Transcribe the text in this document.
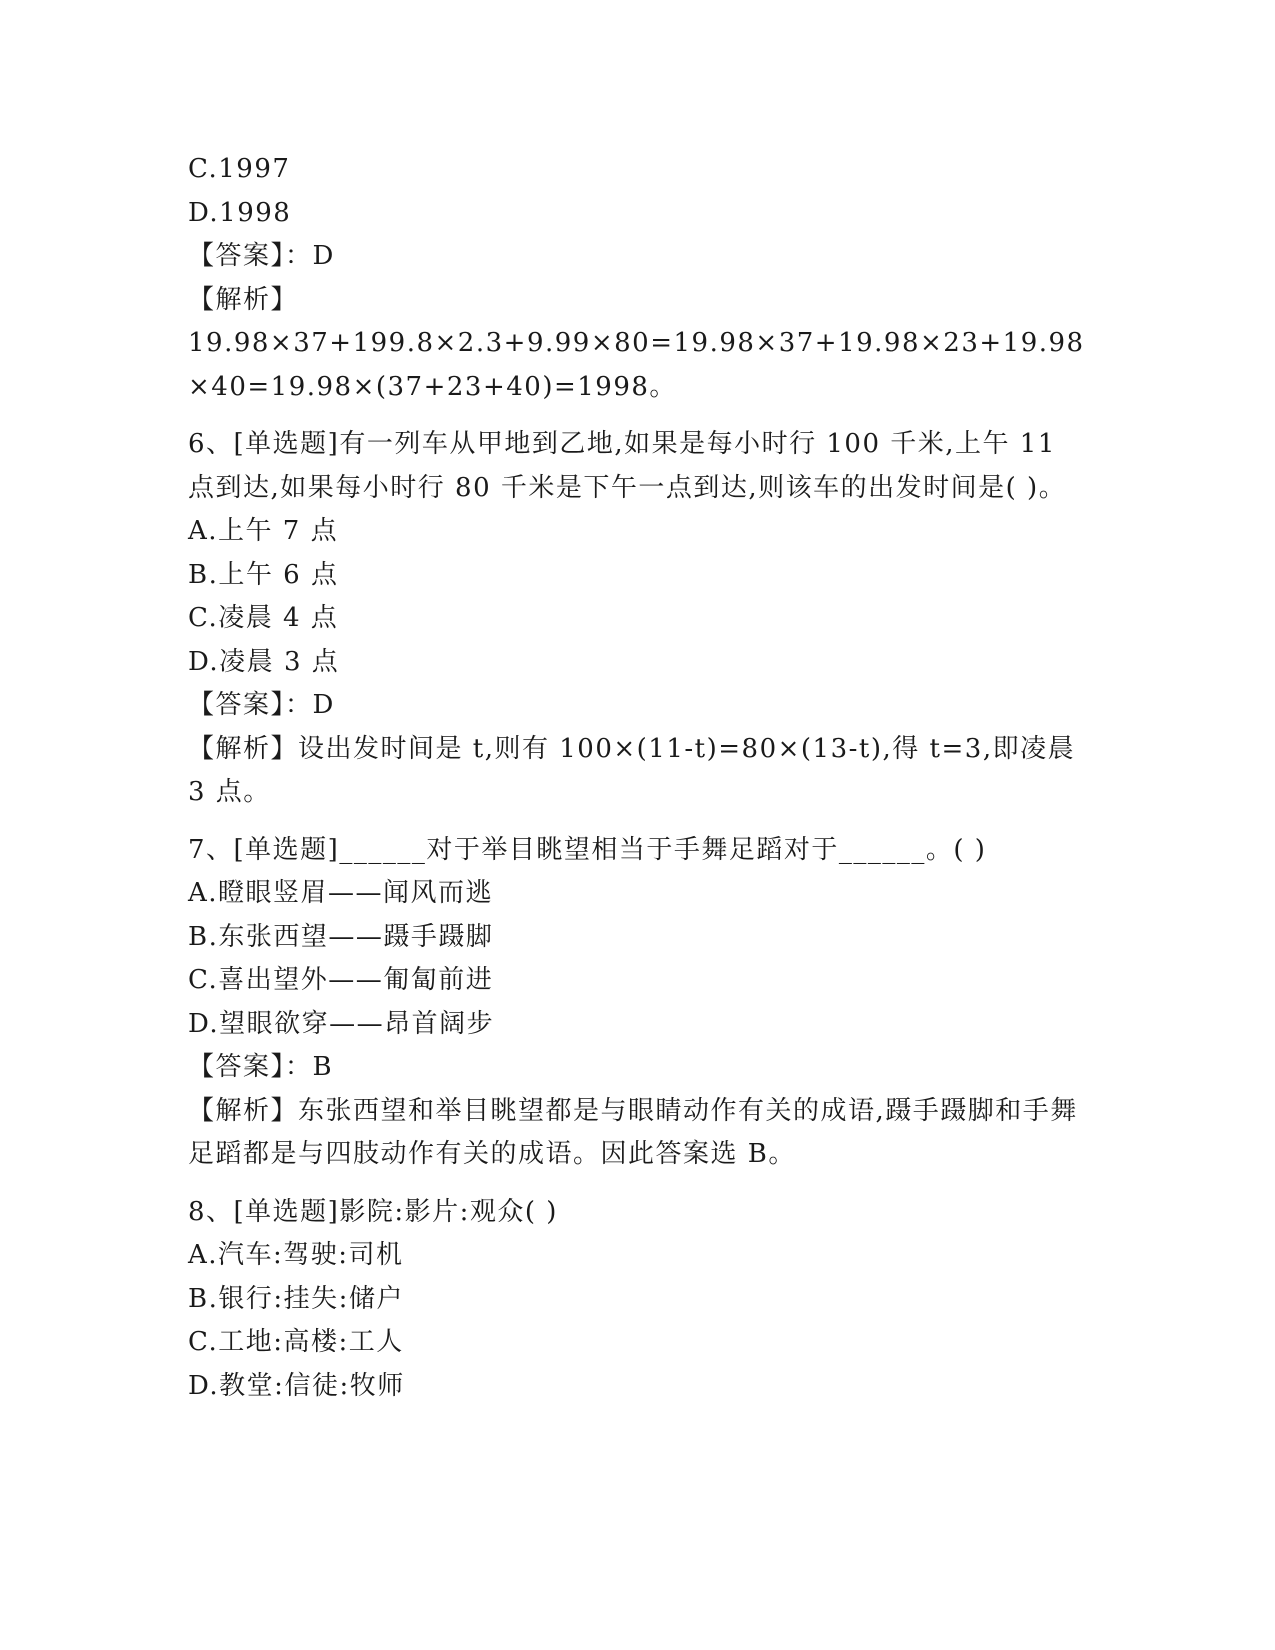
C.1997
D.1998
【答案】：D
【解析】
19.98×37+199.8×2.3+9.99×80=19.98×37+19.98×23+19.98×40=19.98×(37+23+40)=1998。
6、[单选题]有一列车从甲地到乙地,如果是每小时行 100 千米,上午 11 点到达,如果每小时行 80 千米是下午一点到达,则该车的出发时间是( )。
A.上午 7 点
B.上午 6 点
C.凌晨 4 点
D.凌晨 3 点
【答案】：D
【解析】设出发时间是 t,则有 100×(11-t)=80×(13-t),得 t=3,即凌晨 3 点。
7、[单选题]______对于举目眺望相当于手舞足蹈对于______。( )
A.瞪眼竖眉——闻风而逃
B.东张西望——蹑手蹑脚
C.喜出望外——匍匐前进
D.望眼欲穿——昂首阔步
【答案】：B
【解析】东张西望和举目眺望都是与眼睛动作有关的成语,蹑手蹑脚和手舞足蹈都是与四肢动作有关的成语。因此答案选 B。
8、[单选题]影院:影片:观众( )
A.汽车:驾驶:司机
B.银行:挂失:储户
C.工地:高楼:工人
D.教堂:信徒:牧师
